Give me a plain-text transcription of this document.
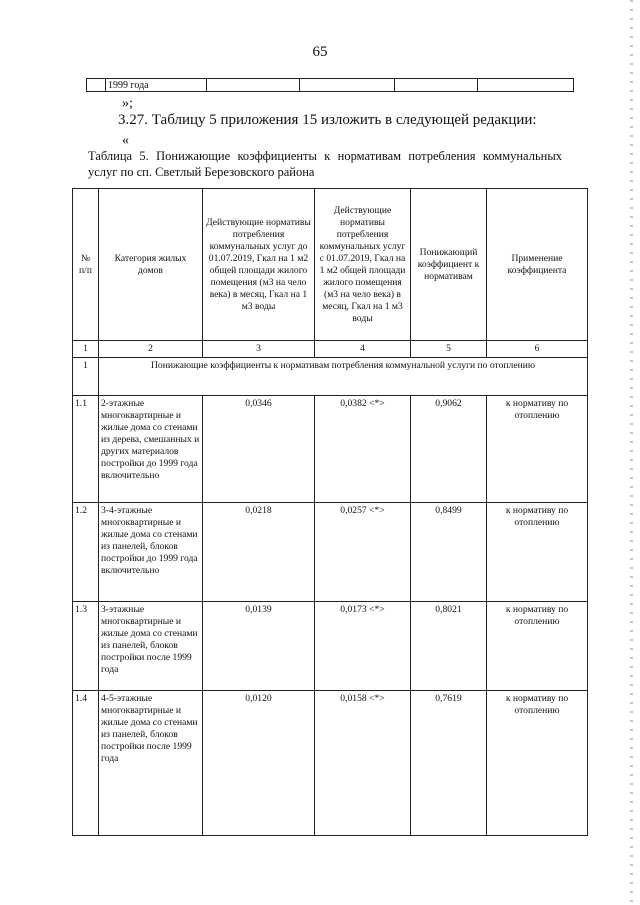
65
	1999 года				
»;
3.27. Таблицу 5 приложения 15 изложить в следующей редакции:
«
Таблица 5. Понижающие коэффициенты к нормативам потребления коммунальных услуг по сп. Светлый Березовского района
№ п/п	Категория жилых домов	Действующие нормативы потребления коммунальных услуг до 01.07.2019, Гкал на 1 м2 общей площади жилого помещения (м3 на чело века) в месяц, Гкал на 1 м3 воды	Действующие нормативы потребления коммунальных услуг с 01.07.2019, Гкал на 1 м2 общей площади жилого помещения (м3 на чело века) в месяц, Гкал на 1 м3 воды	Понижающий коэффициент к нормативам	Применение коэффициента
1	2	3	4	5	6
1	Понижающие коэффициенты к нормативам потребления коммунальной услуги по отоплению				
1.1	2-этажные многоквартирные и жилые дома со стенами из дерева, смешанных и других материалов постройки до 1999 года включительно	0,0346	0,0382 <*>	0,9062	к нормативу по отоплению
1.2	3-4-этажные многоквартирные и жилые дома со стенами из панелей, блоков постройки до 1999 года включительно	0,0218	0,0257 <*>	0,8499	к нормативу по отоплению
1.3	3-этажные многоквартирные и жилые дома со стенами из панелей, блоков постройки после 1999 года	0,0139	0,0173 <*>	0,8021	к нормативу по отоплению
1.4	4-5-этажные многоквартирные и жилые дома со стенами из панелей, блоков постройки после 1999 года	0,0120	0,0158 <*>	0,7619	к нормативу по отоплению
